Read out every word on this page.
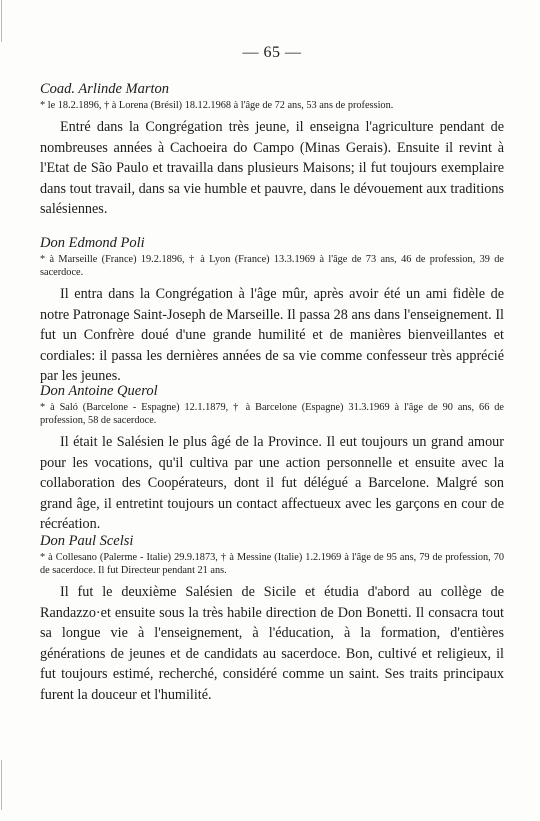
— 65 —

Coad. Arlinde Marton

* le 18.2.1896, † à Lorena (Brésil) 18.12.1968 à l'âge de 72 ans, 53 ans de profession.

Entré dans la Congrégation très jeune, il enseigna l'agriculture pendant de nombreuses années à Cachoeira do Campo (Minas Gerais). Ensuite il revint à l'Etat de São Paulo et travailla dans plusieurs Maisons; il fut toujours exemplaire dans tout travail, dans sa vie humble et pauvre, dans le dévouement aux traditions salésiennes.

Don Edmond Poli

* à Marseille (France) 19.2.1896, † à Lyon (France) 13.3.1969 à l'âge de 73 ans, 46 de profession, 39 de sacerdoce.

Il entra dans la Congrégation à l'âge mûr, après avoir été un ami fidèle de notre Patronage Saint-Joseph de Marseille. Il passa 28 ans dans l'enseignement. Il fut un Confrère doué d'une grande humilité et de manières bienveillantes et cordiales: il passa les dernières années de sa vie comme confesseur très apprécié par les jeunes.

Don Antoine Querol

* à Saló (Barcelone - Espagne) 12.1.1879, † à Barcelone (Espagne) 31.3.1969 à l'âge de 90 ans, 66 de profession, 58 de sacerdoce.

Il était le Salésien le plus âgé de la Province. Il eut toujours un grand amour pour les vocations, qu'il cultiva par une action personnelle et ensuite avec la collaboration des Coopérateurs, dont il fut délégué a Barcelone. Malgré son grand âge, il entretint toujours un contact affectueux avec les garçons en cour de récréation.

Don Paul Scelsi

* à Collesano (Palerme - Italie) 29.9.1873, † à Messine (Italie) 1.2.1969 à l'âge de 95 ans, 79 de profession, 70 de sacerdoce. Il fut Directeur pendant 21 ans.

Il fut le deuxième Salésien de Sicile et étudia d'abord au collège de Randazzo·et ensuite sous la très habile direction de Don Bonetti. Il consacra tout sa longue vie à l'enseignement, à l'éducation, à la formation, d'entières générations de jeunes et de candidats au sacerdoce. Bon, cultivé et religieux, il fut toujours estimé, recherché, considéré comme un saint. Ses traits principaux furent la douceur et l'humilité.
